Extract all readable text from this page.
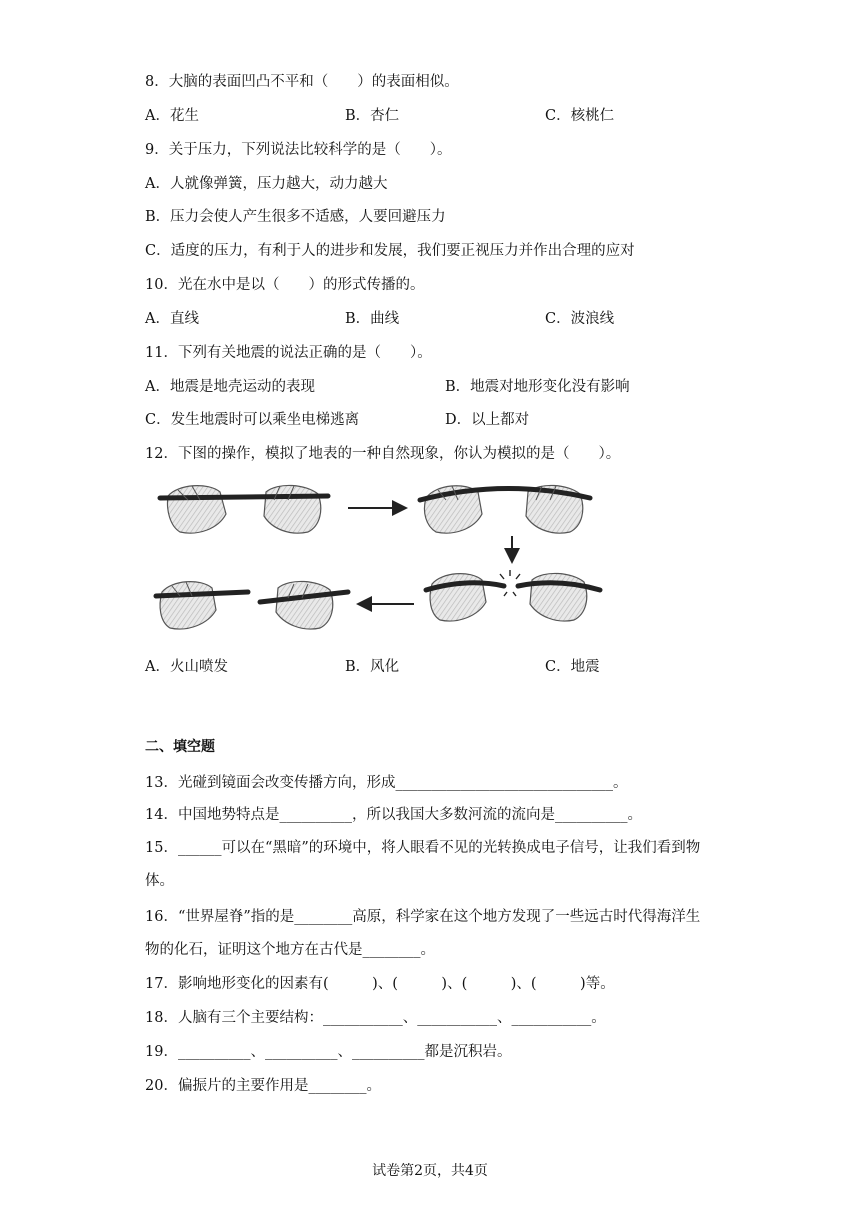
8．大脑的表面凹凸不平和（　　）的表面相似。
A．花生	B．杏仁	C．核桃仁
9．关于压力，下列说法比较科学的是（　　）。
A．人就像弹簧，压力越大，动力越大
B．压力会使人产生很多不适感，人要回避压力
C．适度的压力，有利于人的进步和发展，我们要正视压力并作出合理的应对
10．光在水中是以（　　）的形式传播的。
A．直线	B．曲线	C．波浪线
11．下列有关地震的说法正确的是（　　）。
A．地震是地壳运动的表现	B．地震对地形变化没有影响
C．发生地震时可以乘坐电梯逃离	D．以上都对
12．下图的操作，模拟了地表的一种自然现象，你认为模拟的是（　　）。
A．火山喷发	B．风化	C．地震
二、填空题
13．光碰到镜面会改变传播方向，形成______________________________。
14．中国地势特点是__________，所以我国大多数河流的流向是__________。
15．______可以在“黑暗”的环境中，将人眼看不见的光转换成电子信号，让我们看到物
体。
16．“世界屋脊”指的是________高原，科学家在这个地方发现了一些远古时代得海洋生
物的化石，证明这个地方在古代是________。
17．影响地形变化的因素有(　　　)、(　　　)、(　　　)、(　　　)等。
18．人脑有三个主要结构：___________、___________、___________。
19．__________、__________、__________都是沉积岩。
20．偏振片的主要作用是________。
试卷第2页，共4页
